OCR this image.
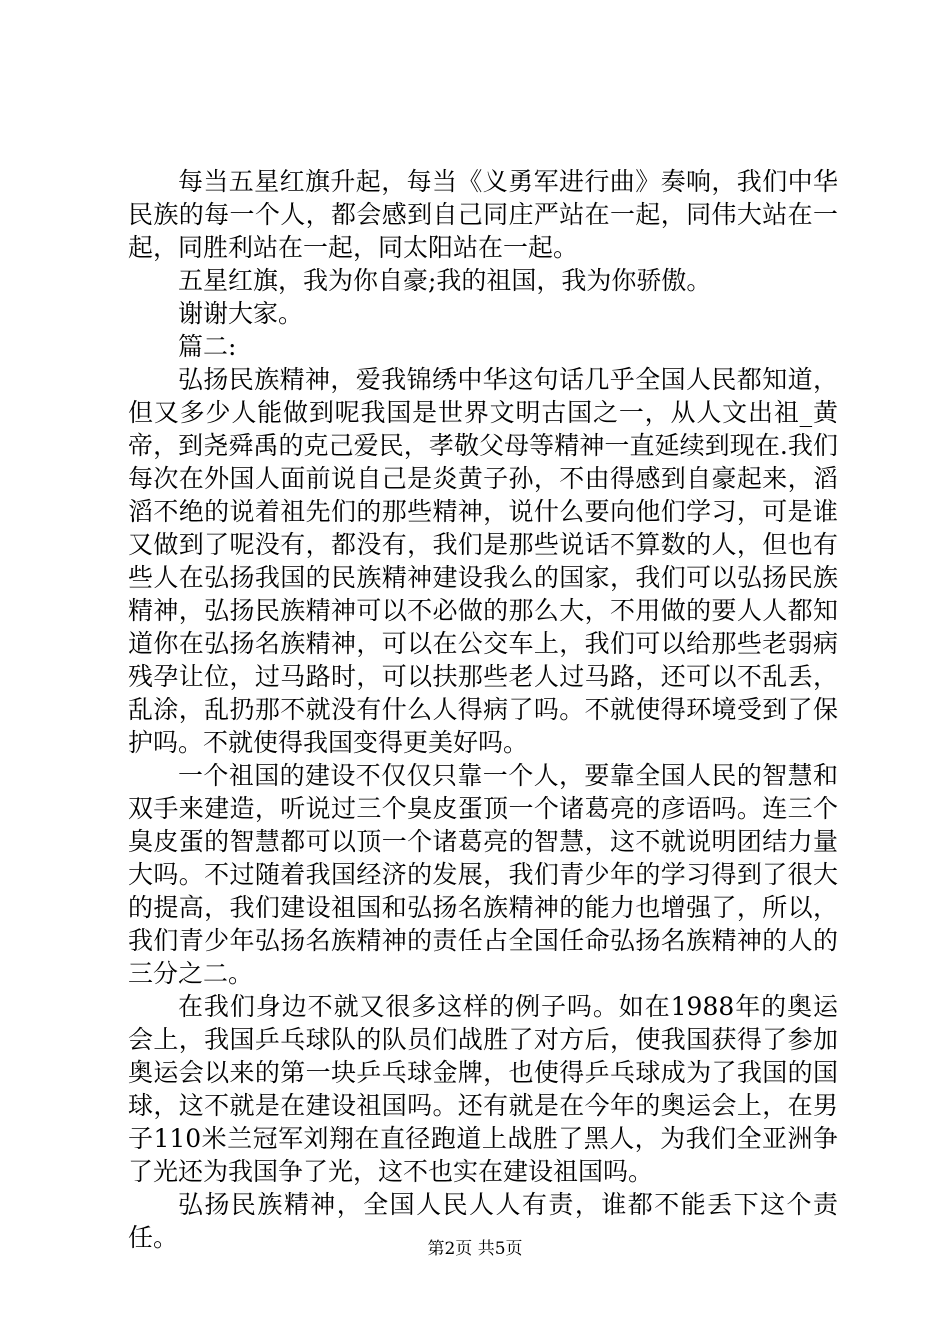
每当五星红旗升起，每当《义勇军进行曲》奏响，我们中华民族的每一个人，都会感到自己同庄严站在一起，同伟大站在一起，同胜利站在一起，同太阳站在一起。

五星红旗，我为你自豪;我的祖国，我为你骄傲。

谢谢大家。

篇二:

弘扬民族精神，爱我锦绣中华这句话几乎全国人民都知道，但又多少人能做到呢我国是世界文明古国之一，从人文出祖_黄帝，到尧舜禹的克己爱民，孝敬父母等精神一直延续到现在.我们每次在外国人面前说自己是炎黄子孙，不由得感到自豪起来，滔滔不绝的说着祖先们的那些精神，说什么要向他们学习，可是谁又做到了呢没有，都没有，我们是那些说话不算数的人，但也有些人在弘扬我国的民族精神建设我么的国家，我们可以弘扬民族精神，弘扬民族精神可以不必做的那么大，不用做的要人人都知道你在弘扬名族精神，可以在公交车上，我们可以给那些老弱病残孕让位，过马路时，可以扶那些老人过马路，还可以不乱丢，乱涂，乱扔那不就没有什么人得病了吗。不就使得环境受到了保护吗。不就使得我国变得更美好吗。

一个祖国的建设不仅仅只靠一个人，要靠全国人民的智慧和双手来建造，听说过三个臭皮蛋顶一个诸葛亮的彦语吗。连三个臭皮蛋的智慧都可以顶一个诸葛亮的智慧，这不就说明团结力量大吗。不过随着我国经济的发展，我们青少年的学习得到了很大的提高，我们建设祖国和弘扬名族精神的能力也增强了，所以，我们青少年弘扬名族精神的责任占全国任命弘扬名族精神的人的三分之二。

在我们身边不就又很多这样的例子吗。如在1988年的奥运会上，我国乒乓球队的队员们战胜了对方后，使我国获得了参加奥运会以来的第一块乒乓球金牌，也使得乒乓球成为了我国的国球，这不就是在建设祖国吗。还有就是在今年的奥运会上，在男子110米兰冠军刘翔在直径跑道上战胜了黑人，为我们全亚洲争了光还为我国争了光，这不也实在建设祖国吗。

弘扬民族精神，全国人民人人有责，谁都不能丢下这个责任。	第2页 共5页
